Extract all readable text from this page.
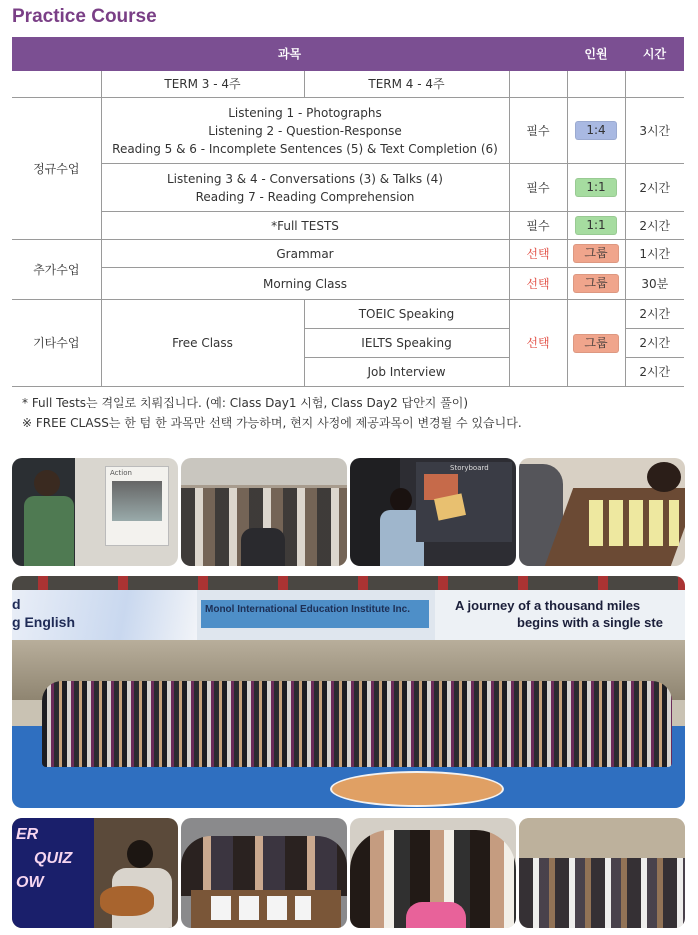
Practice Course
과목				인원	시간
	TERM 3 - 4주	TERM 4 - 4주			
정규수업	Listening 1 - Photographs
Listening 2 - Question-Response
Reading 5 & 6 - Incomplete Sentences (5) & Text Completion (6)		필수	1:4	3시간

	Listening 3 & 4 - Conversations (3) & Talks (4)
Reading 7 - Reading Comprehension		필수	1:1	2시간
	*Full TESTS		필수	1:1	2시간
추가수업	Grammar		선택	그룹	1시간
	Morning Class		선택	그룹	30분
기타수업	Free Class	TOEIC Speaking	선택	그룹	2시간
		IELTS Speaking			2시간
		Job Interview			2시간
* Full Tests는 격일로 치뤄집니다. (예: Class Day1 시험, Class Day2 답안지 풀이)
※ FREE CLASS는 한 텀 한 과목만 선택 가능하며, 현지 사정에 제공과목이 변경될 수 있습니다.
Action
Storyboard
d
g English
Monol International Education Institute Inc.	A journey of a thousand miles
begins with a single ste
ER
QUIZ
OW
